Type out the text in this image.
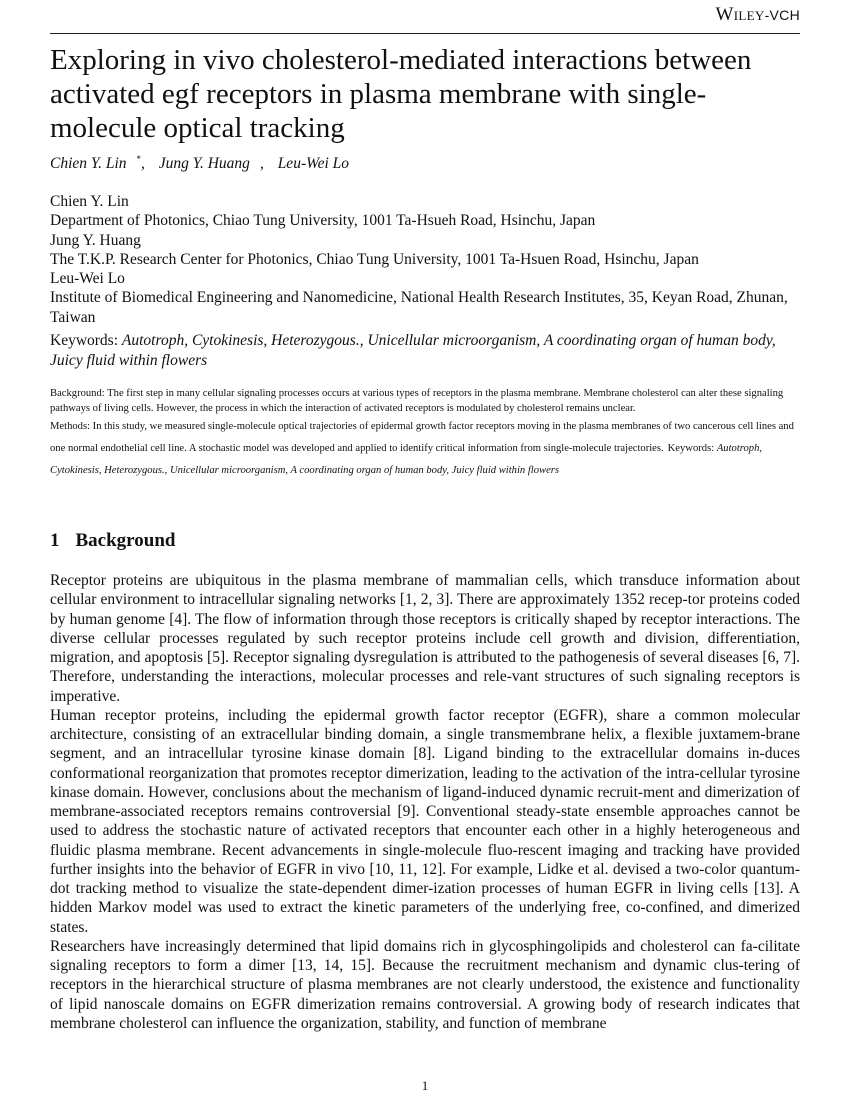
Wiley-VCH
Exploring in vivo cholesterol-mediated interactions between activated egf receptors in plasma membrane with single-molecule optical tracking
Chien Y. Lin *, Jung Y. Huang , Leu-Wei Lo
Chien Y. Lin
Department of Photonics, Chiao Tung University, 1001 Ta-Hsueh Road, Hsinchu, Japan
Jung Y. Huang
The T.K.P. Research Center for Photonics, Chiao Tung University, 1001 Ta-Hsuen Road, Hsinchu, Japan
Leu-Wei Lo
Institute of Biomedical Engineering and Nanomedicine, National Health Research Institutes, 35, Keyan Road, Zhunan, Taiwan
Keywords: Autotroph, Cytokinesis, Heterozygous., Unicellular microorganism, A coordinating organ of human body, Juicy fluid within flowers

Background: The first step in many cellular signaling processes occurs at various types of receptors in the plasma membrane. Membrane cholesterol can alter these signaling pathways of living cells. However, the process in which the interaction of activated receptors is modulated by cholesterol remains unclear.

Methods: In this study, we measured single-molecule optical trajectories of epidermal growth factor receptors moving in the plasma membranes of two cancerous cell lines and one normal endothelial cell line. A stochastic model was developed and applied to identify critical information from single-molecule trajectories. Keywords: Autotroph, Cytokinesis, Heterozygous., Unicellular microorganism, A coordinating organ of human body, Juicy fluid within flowers

1 Background

Receptor proteins are ubiquitous in the plasma membrane of mammalian cells, which transduce information about cellular environment to intracellular signaling networks [1, 2, 3]. There are approximately 1352 recep-tor proteins coded by human genome [4]. The flow of information through those receptors is critically shaped by receptor interactions. The diverse cellular processes regulated by such receptor proteins include cell growth and division, differentiation, migration, and apoptosis [5]. Receptor signaling dysregulation is attributed to the pathogenesis of several diseases [6, 7]. Therefore, understanding the interactions, molecular processes and rele-vant structures of such signaling receptors is imperative.

Human receptor proteins, including the epidermal growth factor receptor (EGFR), share a common molecular architecture, consisting of an extracellular binding domain, a single transmembrane helix, a flexible juxtamem-brane segment, and an intracellular tyrosine kinase domain [8]. Ligand binding to the extracellular domains in-duces conformational reorganization that promotes receptor dimerization, leading to the activation of the intra-cellular tyrosine kinase domain. However, conclusions about the mechanism of ligand-induced dynamic recruit-ment and dimerization of membrane-associated receptors remains controversial [9]. Conventional steady-state ensemble approaches cannot be used to address the stochastic nature of activated receptors that encounter each other in a highly heterogeneous and fluidic plasma membrane. Recent advancements in single-molecule fluo-rescent imaging and tracking have provided further insights into the behavior of EGFR in vivo [10, 11, 12]. For example, Lidke et al. devised a two-color quantum-dot tracking method to visualize the state-dependent dimer-ization processes of human EGFR in living cells [13]. A hidden Markov model was used to extract the kinetic parameters of the underlying free, co-confined, and dimerized states.

Researchers have increasingly determined that lipid domains rich in glycosphingolipids and cholesterol can fa-cilitate signaling receptors to form a dimer [13, 14, 15]. Because the recruitment mechanism and dynamic clus-tering of receptors in the hierarchical structure of plasma membranes are not clearly understood, the existence and functionality of lipid nanoscale domains on EGFR dimerization remains controversial. A growing body of research indicates that membrane cholesterol can influence the organization, stability, and function of membrane

1
